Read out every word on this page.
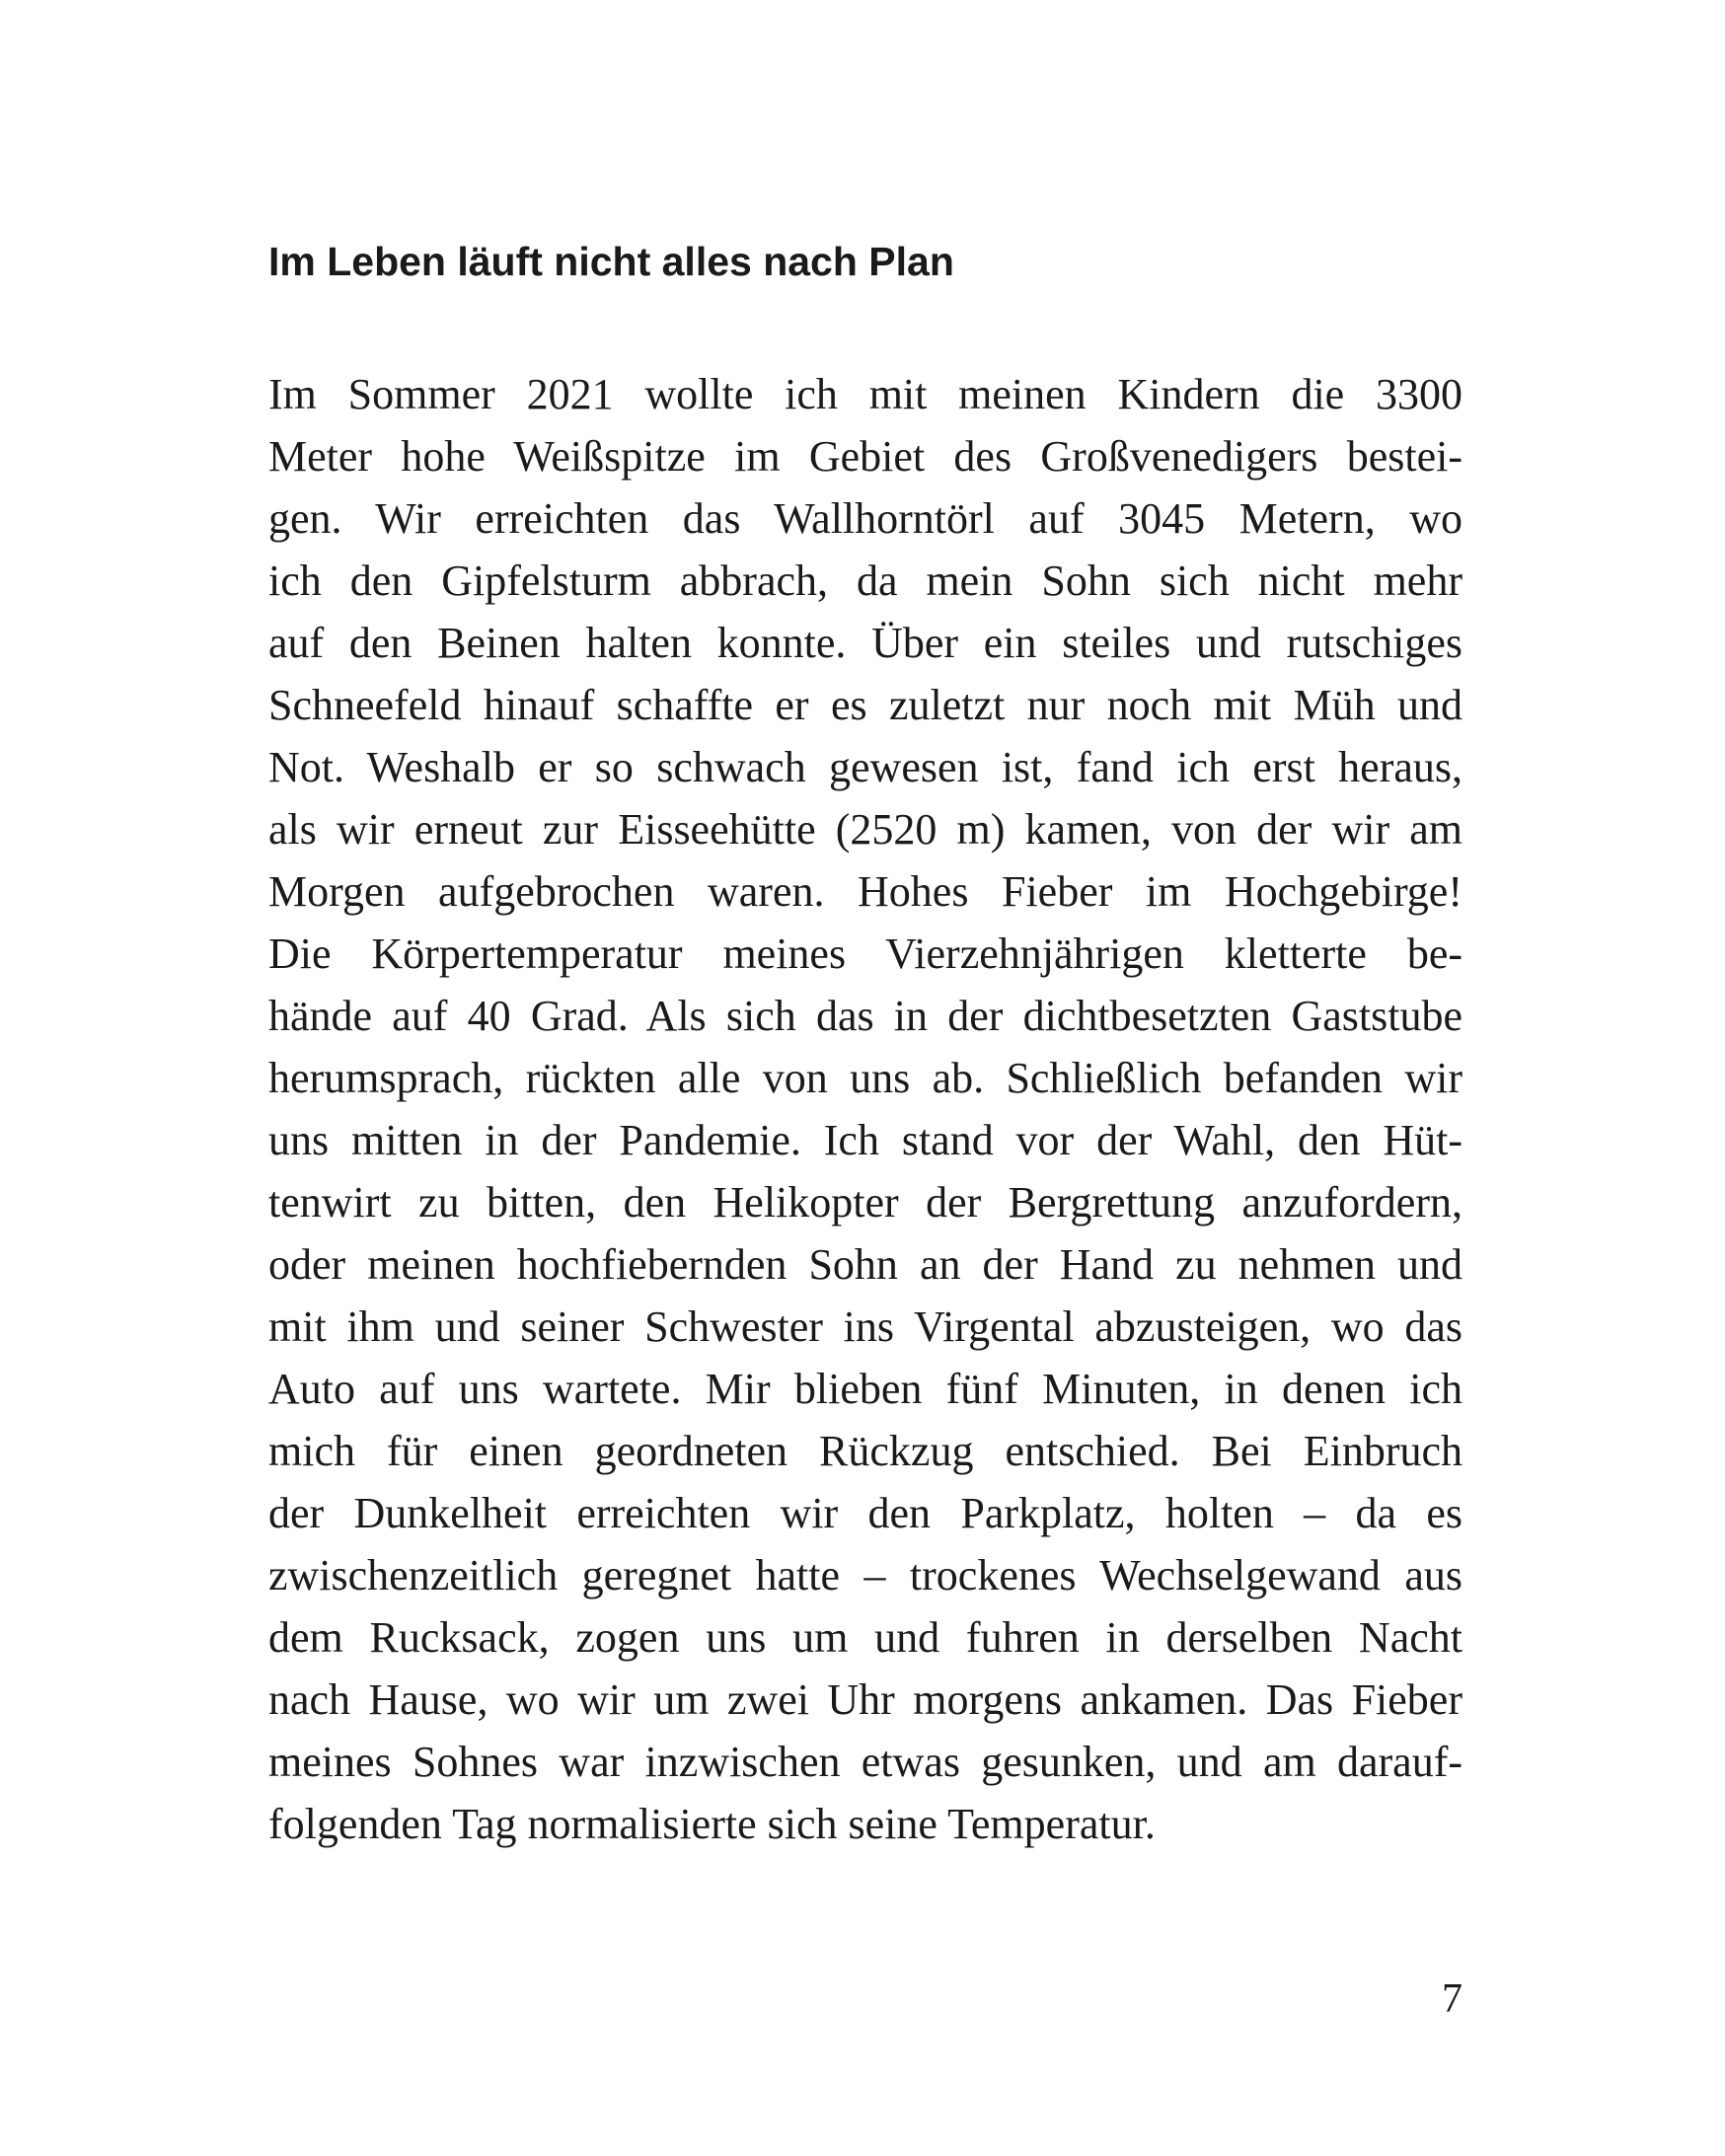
Im Leben läuft nicht alles nach Plan
Im Sommer 2021 wollte ich mit meinen Kindern die 3300
Meter hohe Weißspitze im Gebiet des Großvenedigers bestei-
gen. Wir erreichten das Wallhorntörl auf 3045 Metern, wo
ich den Gipfelsturm abbrach, da mein Sohn sich nicht mehr
auf den Beinen halten konnte. Über ein steiles und rutschiges
Schneefeld hinauf schaffte er es zuletzt nur noch mit Müh und
Not. Weshalb er so schwach gewesen ist, fand ich erst heraus,
als wir erneut zur Eisseehütte (2520 m) kamen, von der wir am
Morgen aufgebrochen waren. Hohes Fieber im Hochgebirge!
Die Körpertemperatur meines Vierzehnjährigen kletterte be-
hände auf 40 Grad. Als sich das in der dichtbesetzten Gaststube
herumsprach, rückten alle von uns ab. Schließlich befanden wir
uns mitten in der Pandemie. Ich stand vor der Wahl, den Hüt-
tenwirt zu bitten, den Helikopter der Bergrettung anzufordern,
oder meinen hochfiebernden Sohn an der Hand zu nehmen und
mit ihm und seiner Schwester ins Virgental abzusteigen, wo das
Auto auf uns wartete. Mir blieben fünf Minuten, in denen ich
mich für einen geordneten Rückzug entschied. Bei Einbruch
der Dunkelheit erreichten wir den Parkplatz, holten – da es
zwischenzeitlich geregnet hatte – trockenes Wechselgewand aus
dem Rucksack, zogen uns um und fuhren in derselben Nacht
nach Hause, wo wir um zwei Uhr morgens ankamen. Das Fieber
meines Sohnes war inzwischen etwas gesunken, und am darauf-
folgenden Tag normalisierte sich seine Temperatur.
7
